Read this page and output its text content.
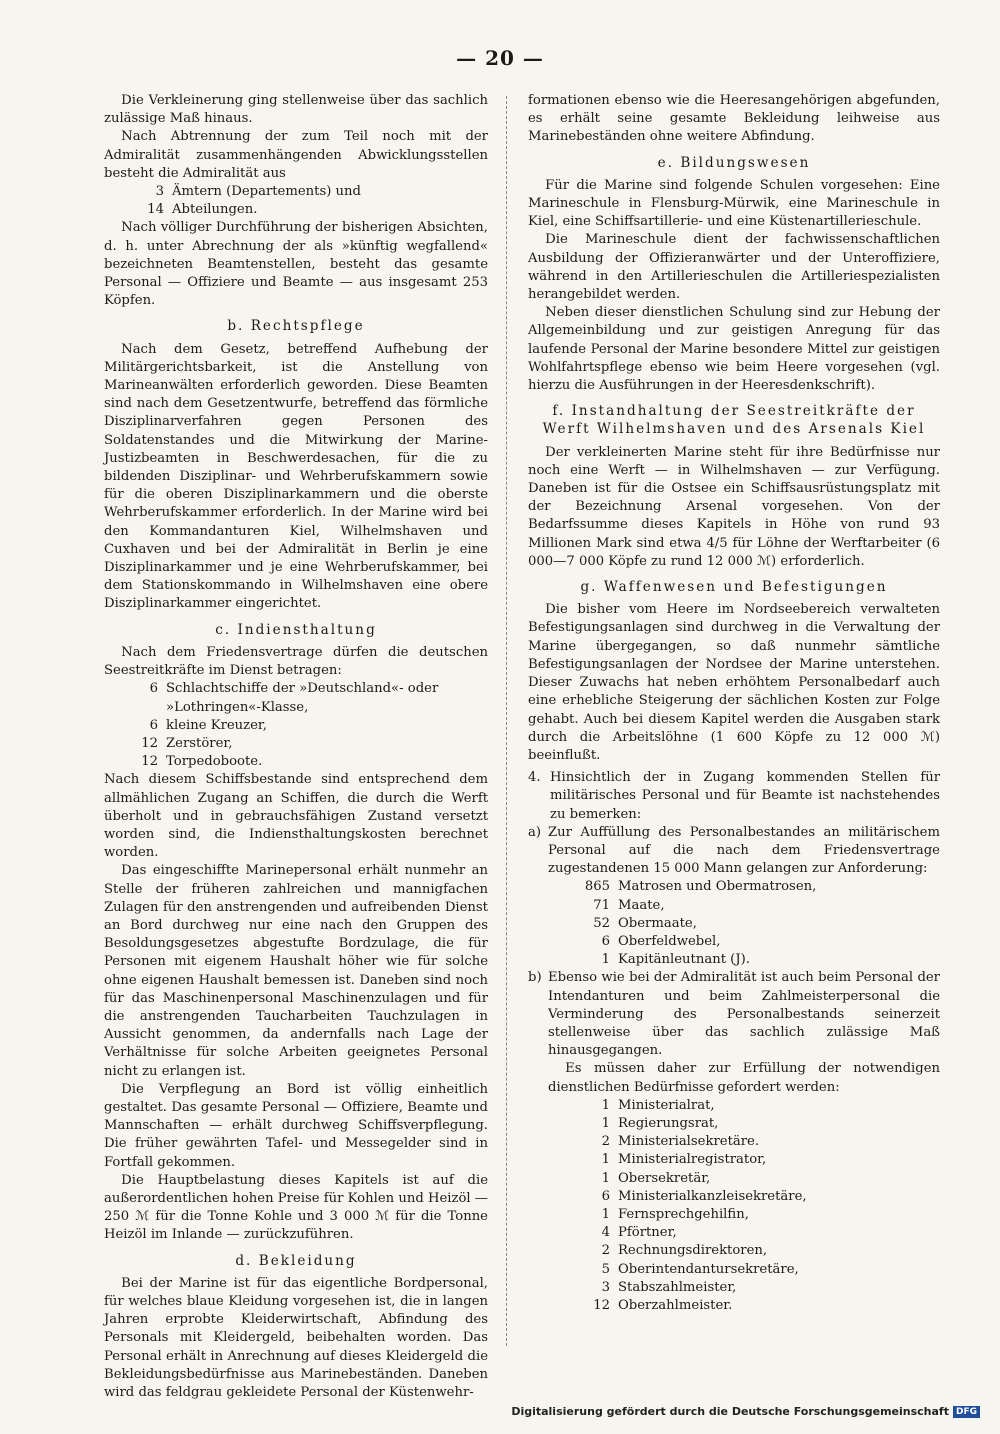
— 20 —

Die Verkleinerung ging stellenweise über das sachlich zulässige Maß hinaus.

Nach Abtrennung der zum Teil noch mit der Admiralität zusammenhängenden Abwicklungsstellen besteht die Admiralität aus

3 Ämtern (Departements) und
14 Abteilungen.

Nach völliger Durchführung der bisherigen Absichten, d. h. unter Abrechnung der als »künftig wegfallend« bezeichneten Beamtenstellen, besteht das gesamte Personal — Offiziere und Beamte — aus insgesamt 253 Köpfen.

b. Rechtspflege

Nach dem Gesetz, betreffend Aufhebung der Militärgerichtsbarkeit, ist die Anstellung von Marineanwälten erforderlich geworden. Diese Beamten sind nach dem Gesetzentwurfe, betreffend das förmliche Disziplinarverfahren gegen Personen des Soldatenstandes und die Mitwirkung der Marine-Justizbeamten in Beschwerdesachen, für die zu bildenden Disziplinar- und Wehrberufskammern sowie für die oberen Disziplinarkammern und die oberste Wehrberufskammer erforderlich. In der Marine wird bei den Kommandanturen Kiel, Wilhelmshaven und Cuxhaven und bei der Admiralität in Berlin je eine Disziplinarkammer und je eine Wehrberufskammer, bei dem Stationskommando in Wilhelmshaven eine obere Disziplinarkammer eingerichtet.

c. Indiensthaltung

Nach dem Friedensvertrage dürfen die deutschen Seestreitkräfte im Dienst betragen:

6 Schlachtschiffe der »Deutschland«- oder »Lothringen«-Klasse,
6 kleine Kreuzer,
12 Zerstörer,
12 Torpedoboote.

Nach diesem Schiffsbestande sind entsprechend dem allmählichen Zugang an Schiffen, die durch die Werft überholt und in gebrauchsfähigen Zustand versetzt worden sind, die Indiensthaltungskosten berechnet worden.

Das eingeschiffte Marinepersonal erhält nunmehr an Stelle der früheren zahlreichen und mannigfachen Zulagen für den anstrengenden und aufreibenden Dienst an Bord durchweg nur eine nach den Gruppen des Besoldungsgesetzes abgestufte Bordzulage, die für Personen mit eigenem Haushalt höher wie für solche ohne eigenen Haushalt bemessen ist. Daneben sind noch für das Maschinenpersonal Maschinenzulagen und für die anstrengenden Taucharbeiten Tauchzulagen in Aussicht genommen, da andernfalls nach Lage der Verhältnisse für solche Arbeiten geeignetes Personal nicht zu erlangen ist.

Die Verpflegung an Bord ist völlig einheitlich gestaltet. Das gesamte Personal — Offiziere, Beamte und Mannschaften — erhält durchweg Schiffsverpflegung. Die früher gewährten Tafel- und Messegelder sind in Fortfall gekommen.

Die Hauptbelastung dieses Kapitels ist auf die außerordentlichen hohen Preise für Kohlen und Heizöl — 250 ℳ für die Tonne Kohle und 3 000 ℳ für die Tonne Heizöl im Inlande — zurückzuführen.

d. Bekleidung

Bei der Marine ist für das eigentliche Bordpersonal, für welches blaue Kleidung vorgesehen ist, die in langen Jahren erprobte Kleiderwirtschaft, Abfindung des Personals mit Kleidergeld, beibehalten worden. Das Personal erhält in Anrechnung auf dieses Kleidergeld die Bekleidungsbedürfnisse aus Marinebeständen. Daneben wird das feldgrau gekleidete Personal der Küstenwehr-

formationen ebenso wie die Heeresangehörigen abgefunden, es erhält seine gesamte Bekleidung leihweise aus Marinebeständen ohne weitere Abfindung.

e. Bildungswesen

Für die Marine sind folgende Schulen vorgesehen: Eine Marineschule in Flensburg-Mürwik, eine Marineschule in Kiel, eine Schiffsartillerie- und eine Küstenartillerieschule.

Die Marineschule dient der fachwissenschaftlichen Ausbildung der Offizieranwärter und der Unteroffiziere, während in den Artillerieschulen die Artilleriespezialisten herangebildet werden.

Neben dieser dienstlichen Schulung sind zur Hebung der Allgemeinbildung und zur geistigen Anregung für das laufende Personal der Marine besondere Mittel zur geistigen Wohlfahrtspflege ebenso wie beim Heere vorgesehen (vgl. hierzu die Ausführungen in der Heeresdenkschrift).

f. Instandhaltung der Seestreitkräfte der Werft Wilhelmshaven und des Arsenals Kiel

Der verkleinerten Marine steht für ihre Bedürfnisse nur noch eine Werft — in Wilhelmshaven — zur Verfügung. Daneben ist für die Ostsee ein Schiffsausrüstungsplatz mit der Bezeichnung Arsenal vorgesehen. Von der Bedarfssumme dieses Kapitels in Höhe von rund 93 Millionen Mark sind etwa 4/5 für Löhne der Werftarbeiter (6 000—7 000 Köpfe zu rund 12 000 ℳ) erforderlich.

g. Waffenwesen und Befestigungen

Die bisher vom Heere im Nordseebereich verwalteten Befestigungsanlagen sind durchweg in die Verwaltung der Marine übergegangen, so daß nunmehr sämtliche Befestigungsanlagen der Nordsee der Marine unterstehen. Dieser Zuwachs hat neben erhöhtem Personalbedarf auch eine erhebliche Steigerung der sächlichen Kosten zur Folge gehabt. Auch bei diesem Kapitel werden die Ausgaben stark durch die Arbeitslöhne (1 600 Köpfe zu 12 000 ℳ) beeinflußt.

4. Hinsichtlich der in Zugang kommenden Stellen für militärisches Personal und für Beamte ist nachstehendes zu bemerken:
a) Zur Auffüllung des Personalbestandes an militärischem Personal auf die nach dem Friedensvertrage zugestandenen 15 000 Mann gelangen zur Anforderung:
865 Matrosen und Obermatrosen,
71 Maate,
52 Obermaate,
6 Oberfeldwebel,
1 Kapitänleutnant (J).
b) Ebenso wie bei der Admiralität ist auch beim Personal der Intendanturen und beim Zahlmeisterpersonal die Verminderung des Personalbestands seinerzeit stellenweise über das sachlich zulässige Maß hinausgegangen.
Es müssen daher zur Erfüllung der notwendigen dienstlichen Bedürfnisse gefordert werden:
1 Ministerialrat,
1 Regierungsrat,
2 Ministerialsekretäre.
1 Ministerialregistrator,
1 Obersekretär,
6 Ministerialkanzleisekretäre,
1 Fernsprechgehilfin,
4 Pförtner,
2 Rechnungsdirektoren,
5 Oberintendantursekretäre,
3 Stabszahlmeister,
12 Oberzahlmeister.
Digitalisierung gefördert durch die Deutsche Forschungsgemeinschaft DFG
